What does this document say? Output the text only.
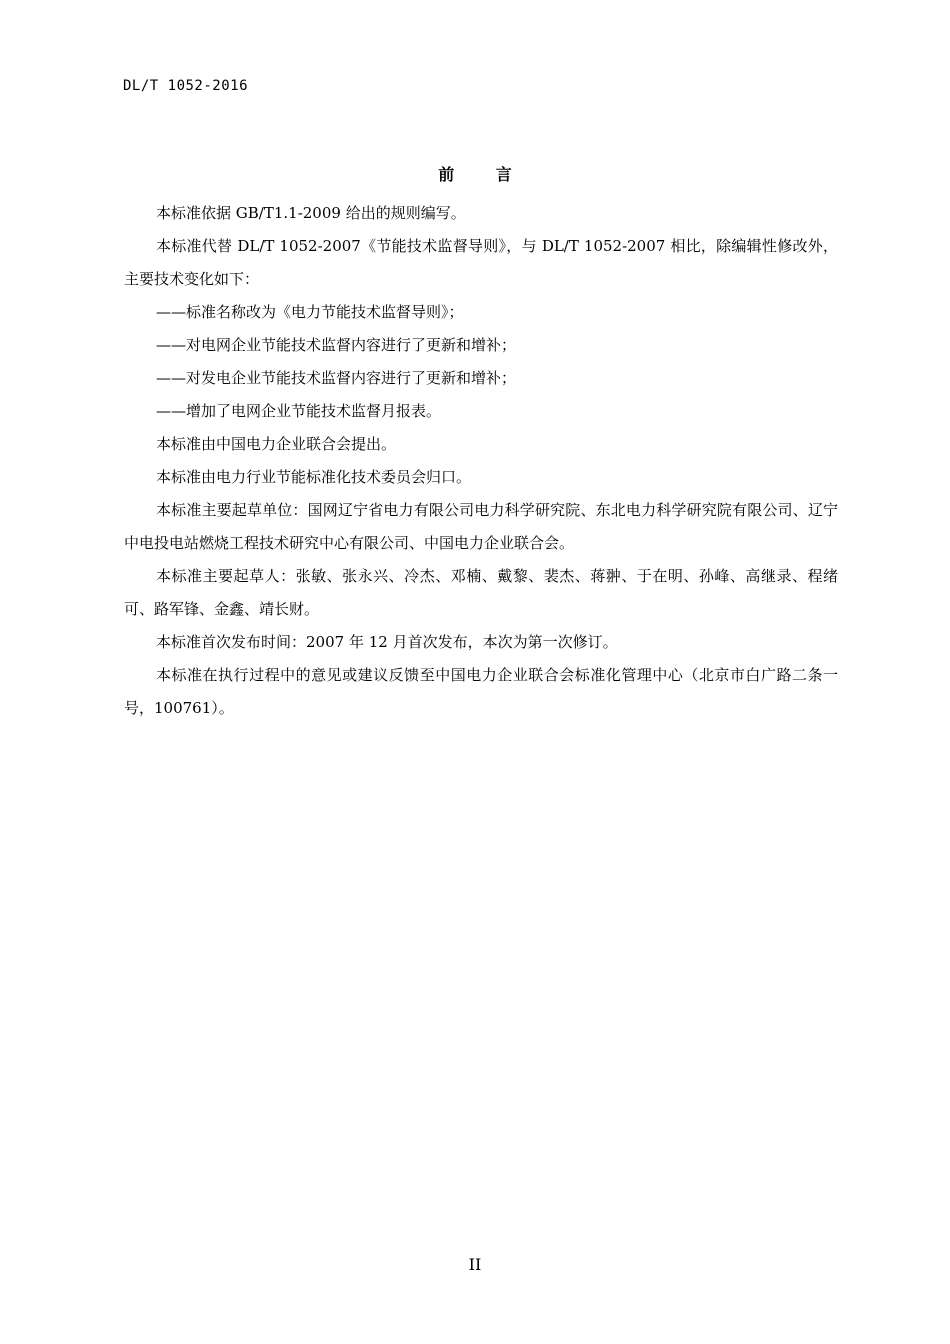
DL/T 1052-2016
前 言

本标准依据 GB/T1.1-2009 给出的规则编写。

本标准代替 DL/T 1052-2007《节能技术监督导则》，与 DL/T 1052-2007 相比，除编辑性修改外，主要技术变化如下：

——标准名称改为《电力节能技术监督导则》；

——对电网企业节能技术监督内容进行了更新和增补；

——对发电企业节能技术监督内容进行了更新和增补；

——增加了电网企业节能技术监督月报表。

本标准由中国电力企业联合会提出。

本标准由电力行业节能标准化技术委员会归口。

本标准主要起草单位：国网辽宁省电力有限公司电力科学研究院、东北电力科学研究院有限公司、辽宁中电投电站燃烧工程技术研究中心有限公司、中国电力企业联合会。

本标准主要起草人：张敏、张永兴、冷杰、邓楠、戴黎、裴杰、蒋翀、于在明、孙峰、高继录、程绪可、路军锋、金鑫、靖长财。

本标准首次发布时间：2007 年 12 月首次发布，本次为第一次修订。

本标准在执行过程中的意见或建议反馈至中国电力企业联合会标准化管理中心（北京市白广路二条一号，100761）。

II
